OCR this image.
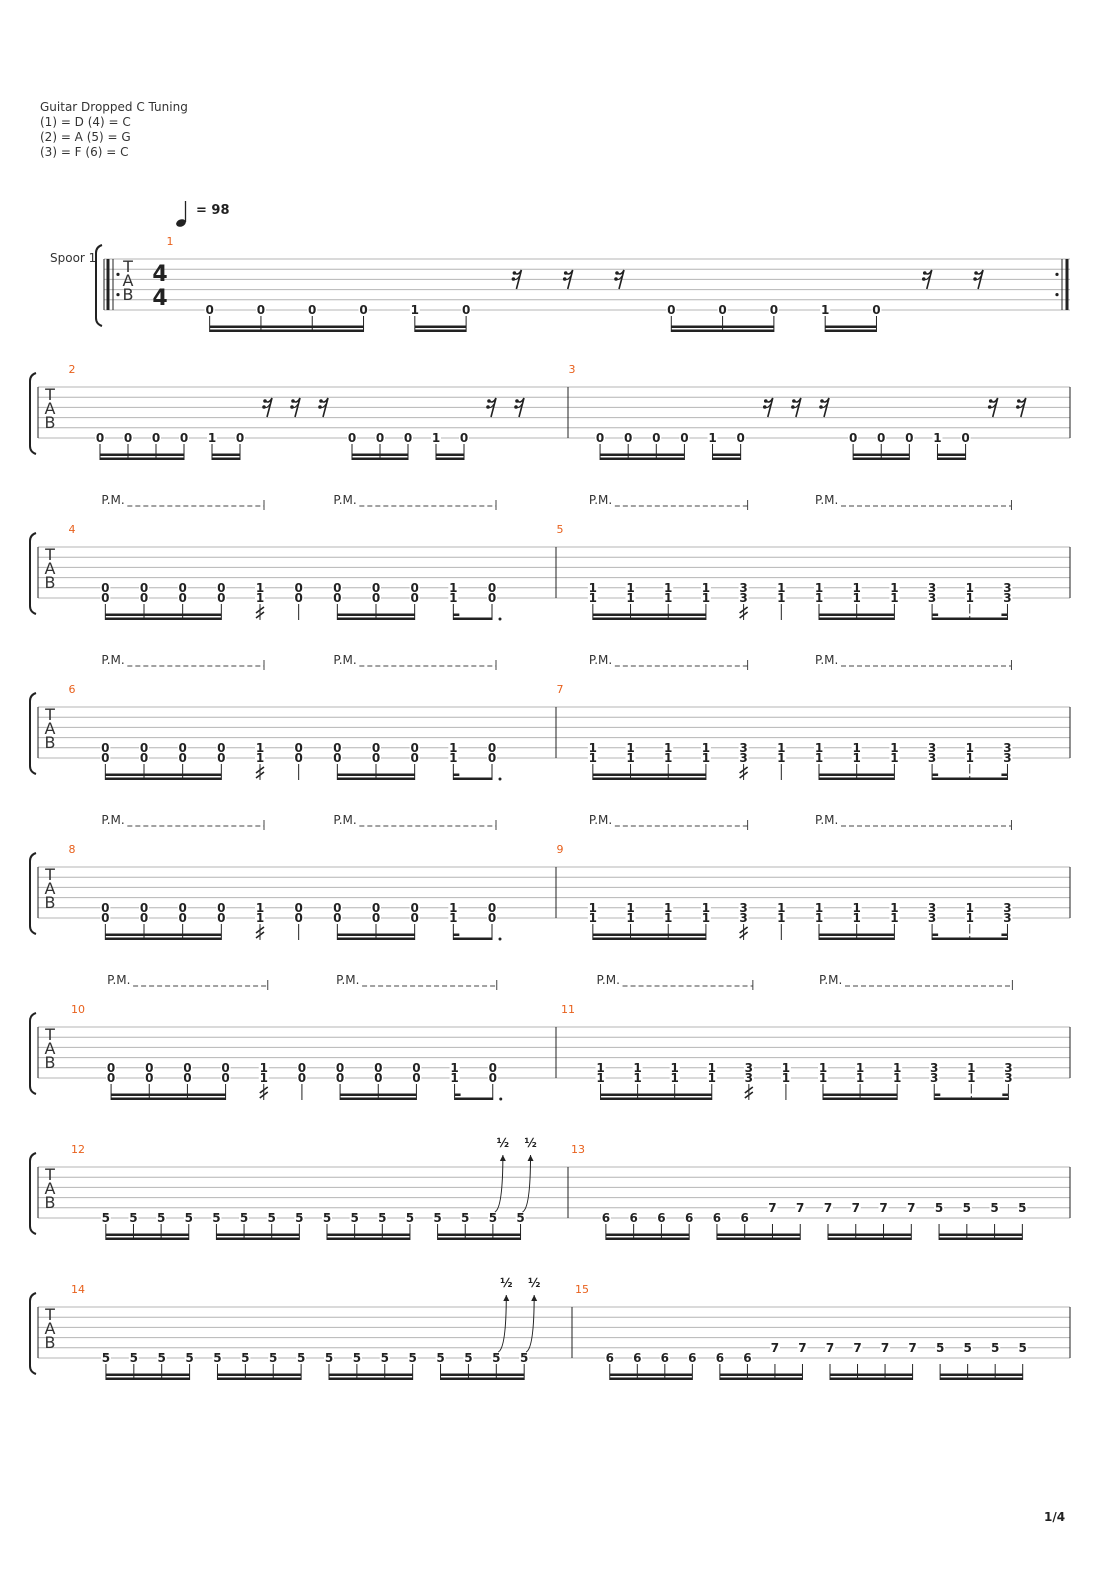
Guitar Dropped C Tuning
(1) = D (4) = C
(2) = A (5) = G
(3) = F (6) = C
= 98
Spoor 1 T
A
B
4
4
1
0	0	0	0	1	0	0	0	0	1	0
T
A
B
2
0 0 0 0 1 0	0 0 0 1 0
3
0 0 0 0 1 0	0 0 0 1 0
T
A
B
4
0
0
0
0
0
0
0
0
1
1
0
0
0
0
0
0
0
0
1
1
0
0
P.M.	P.M.
5
1
1
1
1
1
1
1
1
3
3
1
1
1
1
1
1
1
1
3
3
1
1
3
3
P.M.	P.M.
T
A
B
6
0
0
0
0
0
0
0
0
1
1
0
0
0
0
0
0
0
0
1
1
0
0
P.M.	P.M.
7
1
1
1
1
1
1
1
1
3
3
1
1
1
1
1
1
1
1
3
3
1
1
3
3
P.M.	P.M.
T
A
B
8
0
0
0
0
0
0
0
0
1
1
0
0
0
0
0
0
0
0
1
1
0
0
P.M.	P.M.
9
1
1
1
1
1
1
1
1
3
3
1
1
1
1
1
1
1
1
3
3
1
1
3
3
P.M.	P.M.
T
A
B
10
0
0
0
0
0
0
0
0
1
1
0
0
0
0
0
0
0
0
1
1
0
0
P.M.	P.M.
11
1
1
1
1
1
1
1
1
3
3
1
1
1
1
1
1
1
1
3
3
1
1
3
3
P.M.	P.M.
T
A
B
12
5 5 5 5 5 5 5 5 5 5 5 5 5 5 5 5
½ ½	13
6 6 6 6 6 6
7 7 7 7 7 7 5 5 5 5
T
A
B
14
5 5 5 5 5 5 5 5 5 5 5 5 5 5 5 5
½ ½	15
6 6 6 6 6 6
7 7 7 7 7 7 5 5 5 5
1/4
